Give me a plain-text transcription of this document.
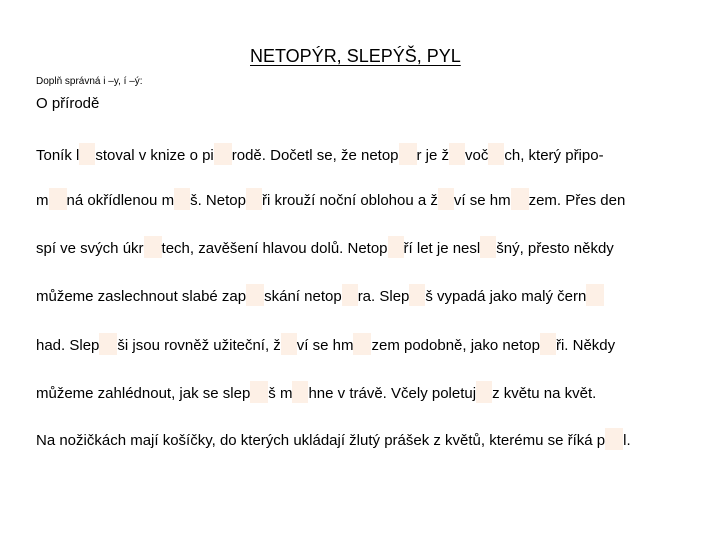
NETOPÝR, SLEPÝŠ, PYL
Doplň správná i –y, í –ý:
O přírodě
Toník l stoval v knize o pi rodě. Dočetl se, že netop r je ž voč ch, který připo-
m ná okřídlenou m š. Netop ři krouží noční oblohou a ž ví se hm zem. Přes den
spí ve svých úkr tech, zavěšení hlavou dolů. Netop ří let je nesl šný, přesto někdy
můžeme zaslechnout slabé zap skání netop ra. Slep š vypadá jako malý čern
had. Slep ši jsou rovněž užiteční, ž ví se hm zem podobně, jako netop ři. Někdy
můžeme zahlédnout, jak se slep š m hne v trávě. Včely poletuj z květu na květ.
Na nožičkách mají košíčky, do kterých ukládají žlutý prášek z květů, kterému se říká p l.
